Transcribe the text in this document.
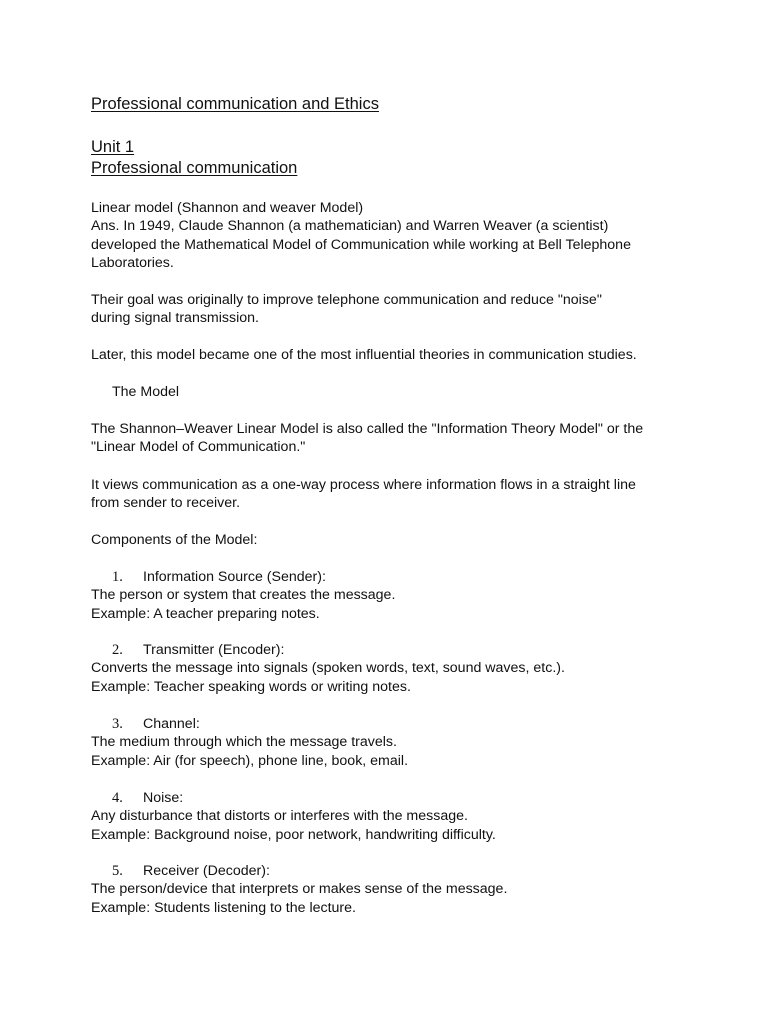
Professional communication and Ethics
Unit 1
Professional communication
Linear model (Shannon and weaver Model)
Ans. In 1949, Claude Shannon (a mathematician) and Warren Weaver (a scientist)
developed the Mathematical Model of Communication while working at Bell Telephone
Laboratories.
Their goal was originally to improve telephone communication and reduce "noise"
during signal transmission.
Later, this model became one of the most influential theories in communication studies.
The Model
The Shannon–Weaver Linear Model is also called the "Information Theory Model" or the
"Linear Model of Communication."
It views communication as a one-way process where information flows in a straight line
from sender to receiver.
Components of the Model:
1. Information Source (Sender):
The person or system that creates the message.
Example: A teacher preparing notes.
2. Transmitter (Encoder):
Converts the message into signals (spoken words, text, sound waves, etc.).
Example: Teacher speaking words or writing notes.
3. Channel:
The medium through which the message travels.
Example: Air (for speech), phone line, book, email.
4. Noise:
Any disturbance that distorts or interferes with the message.
Example: Background noise, poor network, handwriting difficulty.
5. Receiver (Decoder):
The person/device that interprets or makes sense of the message.
Example: Students listening to the lecture.
